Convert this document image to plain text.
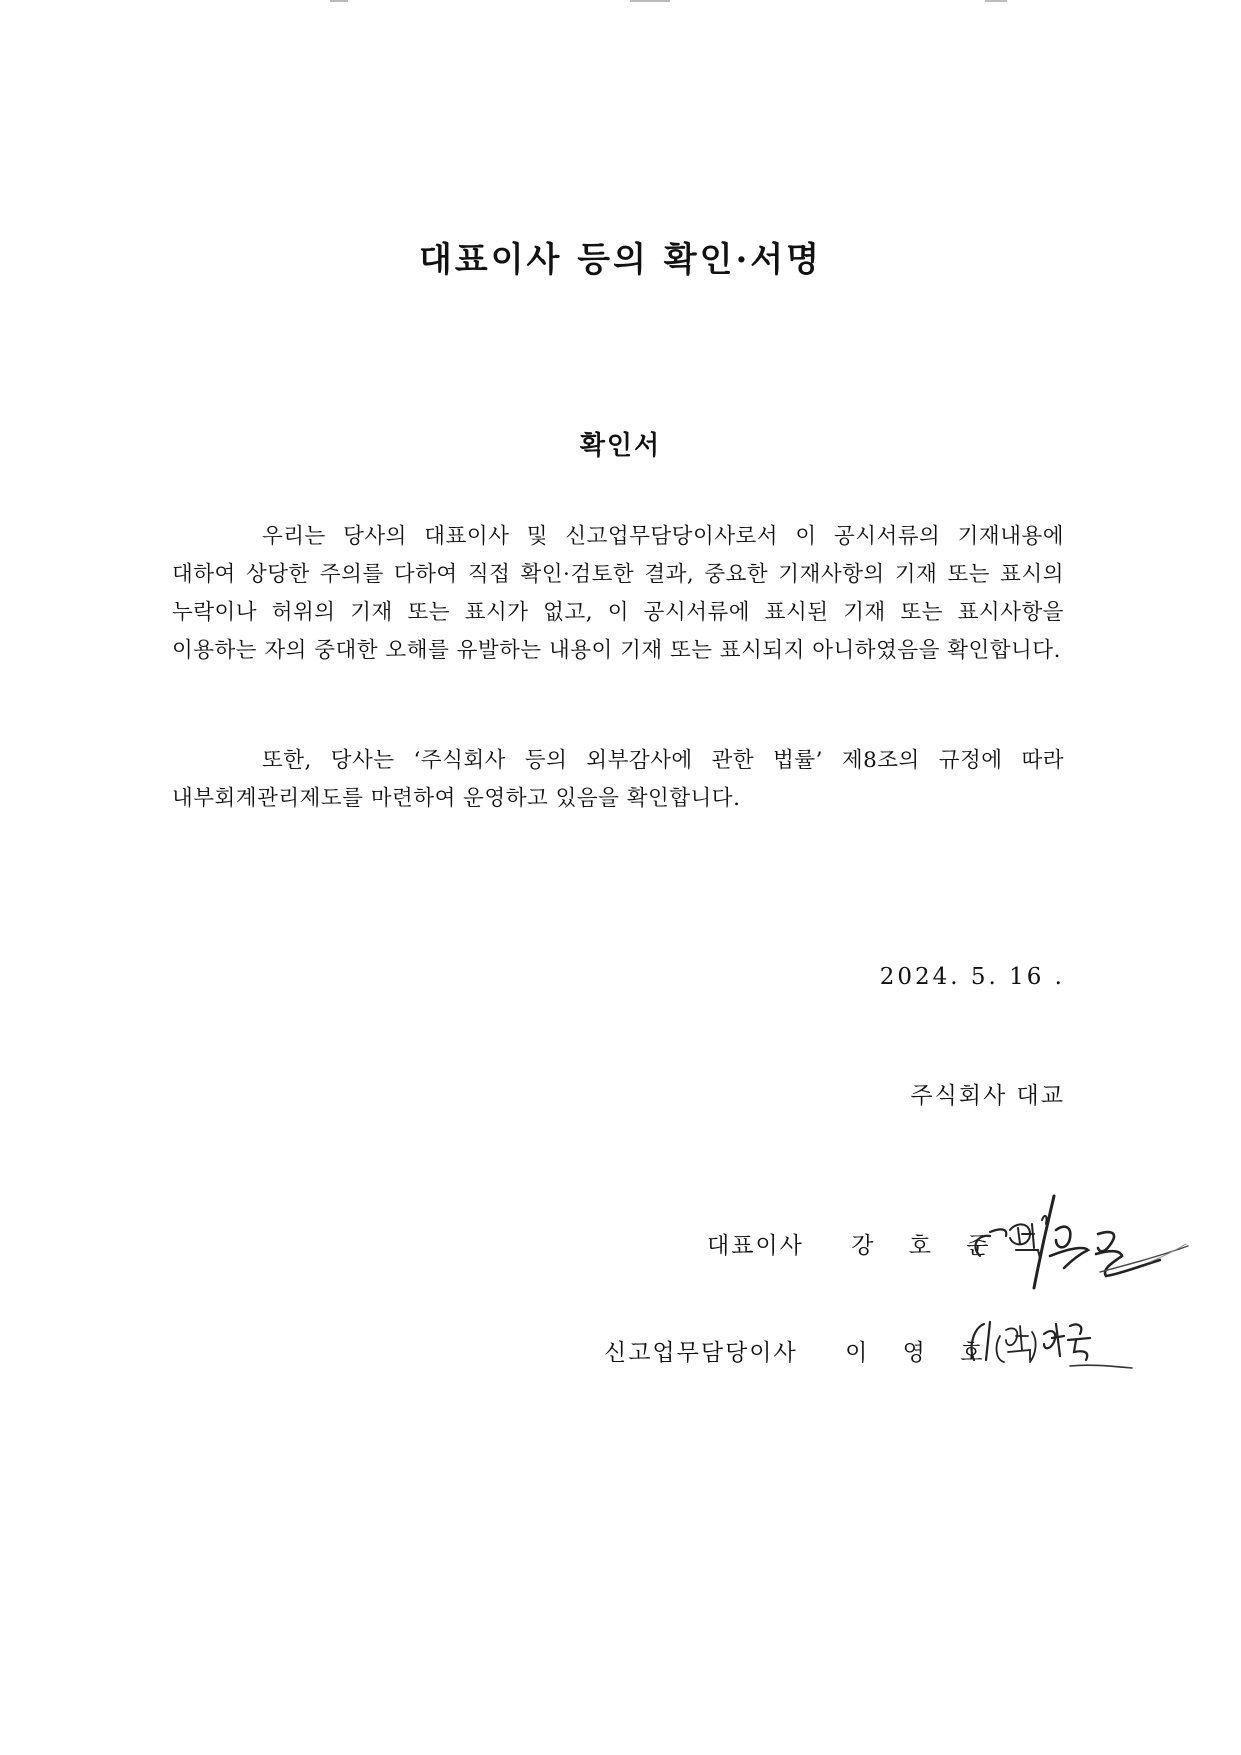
대표이사 등의 확인·서명
확인서

우리는 당사의 대표이사 및 신고업무담당이사로서 이 공시서류의 기재내용에 대하여 상당한 주의를 다하여 직접 확인·검토한 결과, 중요한 기재사항의 기재 또는 표시의 누락이나 허위의 기재 또는 표시가 없고, 이 공시서류에 표시된 기재 또는 표시사항을 이용하는 자의 중대한 오해를 유발하는 내용이 기재 또는 표시되지 아니하였음을 확인합니다.

또한, 당사는 ‘주식회사 등의 외부감사에 관한 법률’ 제8조의 규정에 따라 내부회계관리제도를 마련하여 운영하고 있음을 확인합니다.

2024. 5. 16 .
주식회사 대교
대표이사 강 호 준
신고업무담당이사 이 영 호
